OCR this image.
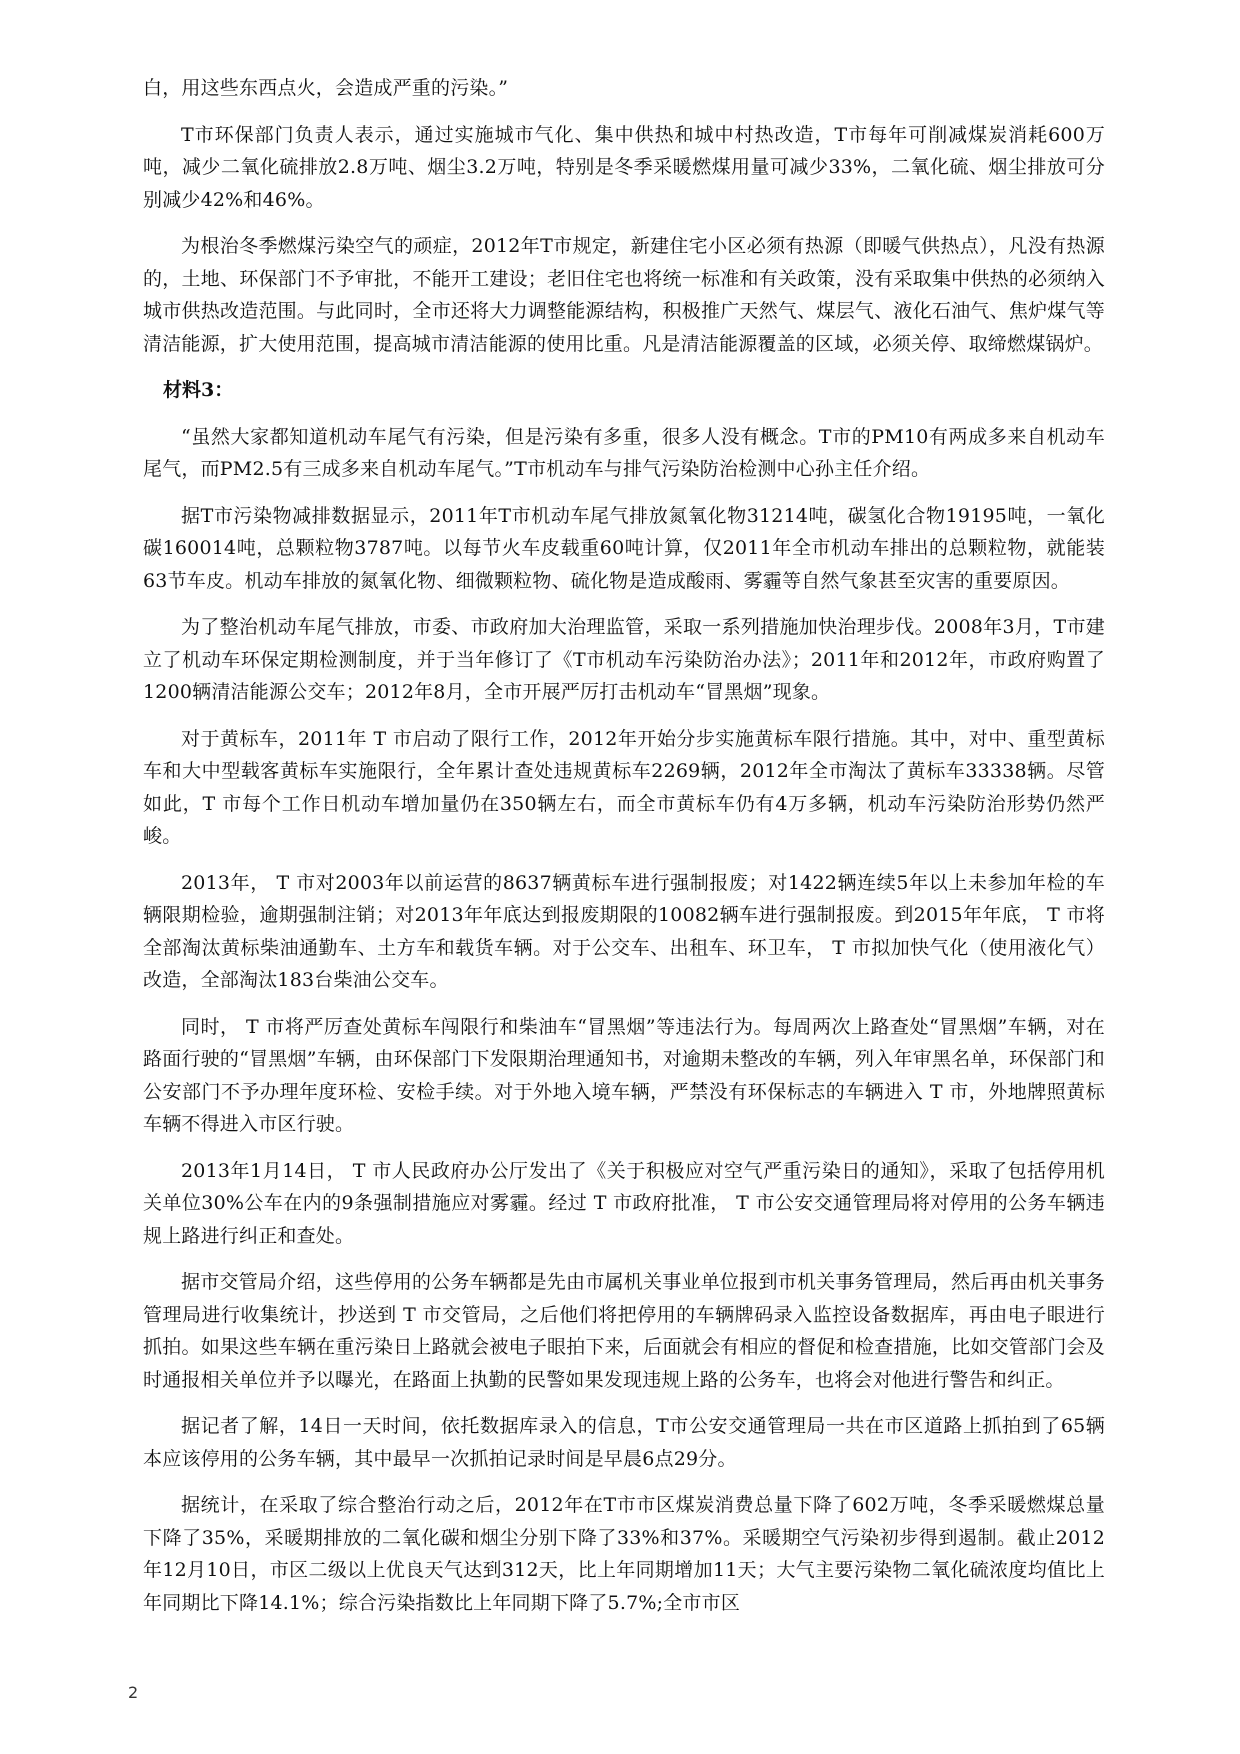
白，用这些东西点火，会造成严重的污染。”

T市环保部门负责人表示，通过实施城市气化、集中供热和城中村热改造，T市每年可削减煤炭消耗600万吨，减少二氧化硫排放2.8万吨、烟尘3.2万吨，特别是冬季采暖燃煤用量可减少33%，二氧化硫、烟尘排放可分别减少42%和46%。

为根治冬季燃煤污染空气的顽症，2012年T市规定，新建住宅小区必须有热源（即暖气供热点），凡没有热源的，土地、环保部门不予审批，不能开工建设；老旧住宅也将统一标准和有关政策，没有采取集中供热的必须纳入城市供热改造范围。与此同时，全市还将大力调整能源结构，积极推广天然气、煤层气、液化石油气、焦炉煤气等清洁能源，扩大使用范围，提高城市清洁能源的使用比重。凡是清洁能源覆盖的区域，必须关停、取缔燃煤锅炉。

材料3：

“虽然大家都知道机动车尾气有污染，但是污染有多重，很多人没有概念。T市的PM10有两成多来自机动车尾气，而PM2.5有三成多来自机动车尾气。”T市机动车与排气污染防治检测中心孙主任介绍。

据T市污染物减排数据显示，2011年T市机动车尾气排放氮氧化物31214吨，碳氢化合物19195吨，一氧化碳160014吨，总颗粒物3787吨。以每节火车皮载重60吨计算，仅2011年全市机动车排出的总颗粒物，就能装63节车皮。机动车排放的氮氧化物、细微颗粒物、硫化物是造成酸雨、雾霾等自然气象甚至灾害的重要原因。

为了整治机动车尾气排放，市委、市政府加大治理监管，采取一系列措施加快治理步伐。2008年3月，T市建立了机动车环保定期检测制度，并于当年修订了《T市机动车污染防治办法》；2011年和2012年，市政府购置了1200辆清洁能源公交车；2012年8月，全市开展严厉打击机动车“冒黑烟”现象。

对于黄标车，2011年 T 市启动了限行工作，2012年开始分步实施黄标车限行措施。其中，对中、重型黄标车和大中型载客黄标车实施限行，全年累计查处违规黄标车2269辆，2012年全市淘汰了黄标车33338辆。尽管如此，T 市每个工作日机动车增加量仍在350辆左右，而全市黄标车仍有4万多辆，机动车污染防治形势仍然严峻。

2013年， T 市对2003年以前运营的8637辆黄标车进行强制报废；对1422辆连续5年以上未参加年检的车辆限期检验，逾期强制注销；对2013年年底达到报废期限的10082辆车进行强制报废。到2015年年底， T 市将全部淘汰黄标柴油通勤车、土方车和载货车辆。对于公交车、出租车、环卫车， T 市拟加快气化（使用液化气）改造，全部淘汰183台柴油公交车。

同时， T 市将严厉查处黄标车闯限行和柴油车“冒黑烟”等违法行为。每周两次上路查处“冒黑烟”车辆，对在路面行驶的“冒黑烟”车辆，由环保部门下发限期治理通知书，对逾期未整改的车辆，列入年审黑名单，环保部门和公安部门不予办理年度环检、安检手续。对于外地入境车辆，严禁没有环保标志的车辆进入 T 市，外地牌照黄标车辆不得进入市区行驶。

2013年1月14日， T 市人民政府办公厅发出了《关于积极应对空气严重污染日的通知》，采取了包括停用机关单位30%公车在内的9条强制措施应对雾霾。经过 T 市政府批准， T 市公安交通管理局将对停用的公务车辆违规上路进行纠正和查处。

据市交管局介绍，这些停用的公务车辆都是先由市属机关事业单位报到市机关事务管理局，然后再由机关事务管理局进行收集统计，抄送到 T 市交管局，之后他们将把停用的车辆牌码录入监控设备数据库，再由电子眼进行抓拍。如果这些车辆在重污染日上路就会被电子眼拍下来，后面就会有相应的督促和检查措施，比如交管部门会及时通报相关单位并予以曝光，在路面上执勤的民警如果发现违规上路的公务车，也将会对他进行警告和纠正。

据记者了解，14日一天时间，依托数据库录入的信息，T市公安交通管理局一共在市区道路上抓拍到了65辆本应该停用的公务车辆，其中最早一次抓拍记录时间是早晨6点29分。

据统计，在采取了综合整治行动之后，2012年在T市市区煤炭消费总量下降了602万吨，冬季采暖燃煤总量下降了35%，采暖期排放的二氧化碳和烟尘分别下降了33%和37%。采暖期空气污染初步得到遏制。截止2012年12月10日，市区二级以上优良天气达到312天，比上年同期增加11天；大气主要污染物二氧化硫浓度均值比上年同期比下降14.1%；综合污染指数比上年同期下降了5.7%;全市市区

2
